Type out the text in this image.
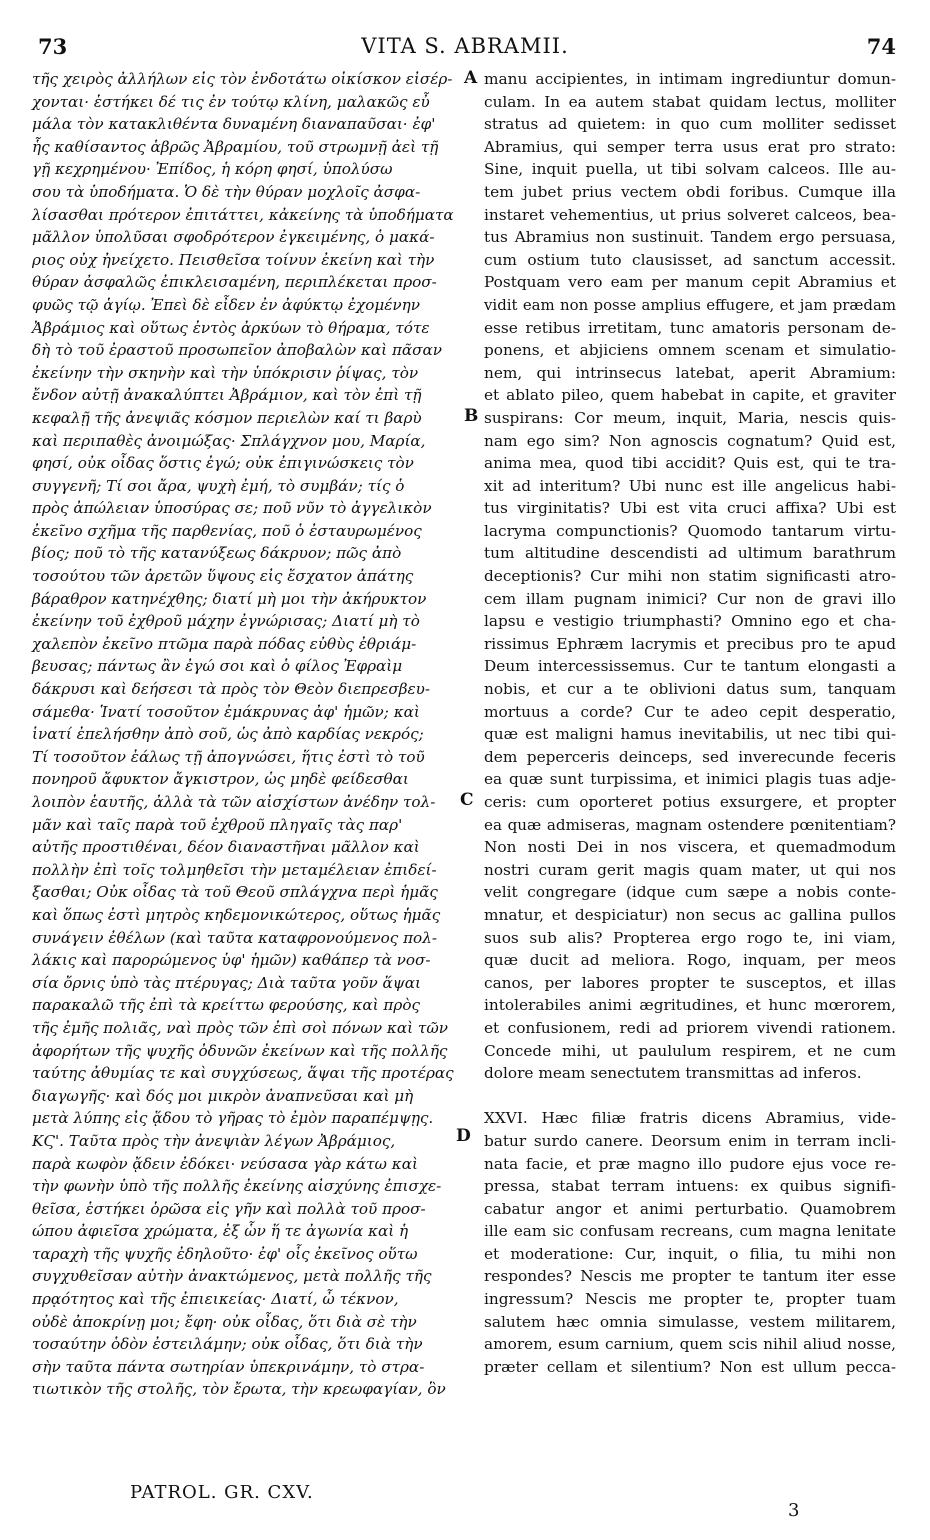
73	VITA S. ABRAMII.	74
τῆς χειρὸς ἀλλήλων εἰς τὸν ἐνδοτάτω οἰκίσκον εἰσέρ-
χονται· ἑστήκει δέ τις ἐν τούτῳ κλίνη, μαλακῶς εὖ
μάλα τὸν κατακλιθέντα δυναμένη διαναπαῦσαι· ἐφ'
ἧς καθίσαντος ἁβρῶς Ἀβραμίου, τοῦ στρωμνῇ ἀεὶ τῇ
γῇ κεχρημένου· Ἐπίδος, ἡ κόρη φησί, ὑπολύσω
σου τὰ ὑποδήματα. Ὁ δὲ τὴν θύραν μοχλοῖς ἀσφα-
λίσασθαι πρότερον ἐπιτάττει, κἀκείνης τὰ ὑποδήματα
μᾶλλον ὑπολῦσαι σφοδρότερον ἐγκειμένης, ὁ μακά-
ριος οὐχ ἠνείχετο. Πεισθεῖσα τοίνυν ἐκείνη καὶ τὴν
θύραν ἀσφαλῶς ἐπικλεισαμένη, περιπλέκεται προσ-
φυῶς τῷ ἁγίῳ. Ἐπεὶ δὲ εἶδεν ἐν ἀφύκτῳ ἐχομένην
Ἀβράμιος καὶ οὕτως ἐντὸς ἀρκύων τὸ θήραμα, τότε
δὴ τὸ τοῦ ἐραστοῦ προσωπεῖον ἀποβαλὼν καὶ πᾶσαν
ἐκείνην τὴν σκηνὴν καὶ τὴν ὑπόκρισιν ῥίψας, τὸν
ἔνδον αὐτῇ ἀνακαλύπτει Ἀβράμιον, καὶ τὸν ἐπὶ τῇ
κεφαλῇ τῆς ἀνεψιᾶς κόσμον περιελὼν καί τι βαρὺ
καὶ περιπαθὲς ἀνοιμώξας· Σπλάγχνον μου, Μαρία,
φησί, οὐκ οἶδας ὅστις ἐγώ; οὐκ ἐπιγινώσκεις τὸν
συγγενῆ; Τί σοι ἄρα, ψυχὴ ἐμή, τὸ συμβάν; τίς ὁ
πρὸς ἀπώλειαν ὑποσύρας σε; ποῦ νῦν τὸ ἀγγελικὸν
ἐκεῖνο σχῆμα τῆς παρθενίας, ποῦ ὁ ἐσταυρωμένος
βίος; ποῦ τὸ τῆς κατανύξεως δάκρυον; πῶς ἀπὸ
τοσούτου τῶν ἀρετῶν ὕψους εἰς ἔσχατον ἀπάτης
βάραθρον κατηνέχθης; διατί μὴ μοι τὴν ἀκήρυκτον
ἐκείνην τοῦ ἐχθροῦ μάχην ἐγνώρισας; Διατί μὴ τὸ
χαλεπὸν ἐκεῖνο πτῶμα παρὰ πόδας εὐθὺς ἐθριάμ-
βευσας; πάντως ἂν ἐγώ σοι καὶ ὁ φίλος Ἐφραὶμ
δάκρυσι καὶ δεήσεσι τὰ πρὸς τὸν Θεὸν διεπρεσβευ-
σάμεθα· Ἱνατί τοσοῦτον ἐμάκρυνας ἀφ' ἡμῶν; καὶ
ἱνατί ἐπελήσθην ἀπὸ σοῦ, ὡς ἀπὸ καρδίας νεκρός;
Τί τοσοῦτον ἑάλως τῇ ἀπογνώσει, ἥτις ἐστὶ τὸ τοῦ
πονηροῦ ἄφυκτον ἄγκιστρον, ὡς μηδὲ φείδεσθαι
λοιπὸν ἑαυτῆς, ἀλλὰ τὰ τῶν αἰσχίστων ἀνέδην τολ-
μᾶν καὶ ταῖς παρὰ τοῦ ἐχθροῦ πληγαῖς τὰς παρ'
αὐτῆς προστιθέναι, δέον διαναστῆναι μᾶλλον καὶ
πολλὴν ἐπὶ τοῖς τολμηθεῖσι τὴν μεταμέλειαν ἐπιδεί-
ξασθαι; Οὐκ οἶδας τὰ τοῦ Θεοῦ σπλάγχνα περὶ ἡμᾶς
καὶ ὅπως ἐστὶ μητρὸς κηδεμονικώτερος, οὕτως ἡμᾶς
συνάγειν ἐθέλων (καὶ ταῦτα καταφρονούμενος πολ-
λάκις καὶ παρορώμενος ὑφ' ἡμῶν) καθάπερ τὰ νοσ-
σία ὄρνις ὑπὸ τὰς πτέρυγας; Διὰ ταῦτα γοῦν ἅψαι
παρακαλῶ τῆς ἐπὶ τὰ κρείττω φερούσης, καὶ πρὸς
τῆς ἐμῆς πολιᾶς, ναὶ πρὸς τῶν ἐπὶ σοὶ πόνων καὶ τῶν
ἀφορήτων τῆς ψυχῆς ὀδυνῶν ἐκείνων καὶ τῆς πολλῆς
ταύτης ἀθυμίας τε καὶ συγχύσεως, ἅψαι τῆς προτέρας
διαγωγῆς· καὶ δός μοι μικρὸν ἀναπνεῦσαι καὶ μὴ
μετὰ λύπης εἰς ᾅδου τὸ γῆρας τὸ ἐμὸν παραπέμψῃς.
ΚϚ'. Ταῦτα πρὸς τὴν ἀνεψιὰν λέγων Ἀβράμιος,
παρὰ κωφὸν ᾄδειν ἐδόκει· νεύσασα γὰρ κάτω καὶ
τὴν φωνὴν ὑπὸ τῆς πολλῆς ἐκείνης αἰσχύνης ἐπισχε-
θεῖσα, ἑστήκει ὁρῶσα εἰς γῆν καὶ πολλὰ τοῦ προσ-
ώπου ἀφιεῖσα χρώματα, ἐξ ὧν ἥ τε ἀγωνία καὶ ἡ
ταραχὴ τῆς ψυχῆς ἐδηλοῦτο· ἐφ' οἷς ἐκεῖνος οὕτω
συγχυθεῖσαν αὐτὴν ἀνακτώμενος, μετὰ πολλῆς τῆς
πρᾳότητος καὶ τῆς ἐπιεικείας· Διατί, ὦ τέκνον,
οὐδὲ ἀποκρίνῃ μοι; ἔφη· οὐκ οἶδας, ὅτι διὰ σὲ τὴν
τοσαύτην ὁδὸν ἐστειλάμην; οὐκ οἶδας, ὅτι διὰ τὴν
σὴν ταῦτα πάντα σωτηρίαν ὑπεκρινάμην, τὸ στρα-
τιωτικὸν τῆς στολῆς, τὸν ἔρωτα, τὴν κρεωφαγίαν, ὃν
manu accipientes, in intimam ingrediuntur domun-
culam. In ea autem stabat quidam lectus, molliter
stratus ad quietem: in quo cum molliter sedisset
Abramius, qui semper terra usus erat pro strato:
Sine, inquit puella, ut tibi solvam calceos. Ille au-
tem jubet prius vectem obdi foribus. Cumque illa
instaret vehementius, ut prius solveret calceos, bea-
tus Abramius non sustinuit. Tandem ergo persuasa,
cum ostium tuto clausisset, ad sanctum accessit.
Postquam vero eam per manum cepit Abramius et
vidit eam non posse amplius effugere, et jam prædam
esse retibus irretitam, tunc amatoris personam de-
ponens, et abjiciens omnem scenam et simulatio-
nem, qui intrinsecus latebat, aperit Abramium:
et ablato pileo, quem habebat in capite, et graviter
suspirans: Cor meum, inquit, Maria, nescis quis-
nam ego sim? Non agnoscis cognatum? Quid est,
anima mea, quod tibi accidit? Quis est, qui te tra-
xit ad interitum? Ubi nunc est ille angelicus habi-
tus virginitatis? Ubi est vita cruci affixa? Ubi est
lacryma compunctionis? Quomodo tantarum virtu-
tum altitudine descendisti ad ultimum barathrum
deceptionis? Cur mihi non statim significasti atro-
cem illam pugnam inimici? Cur non de gravi illo
lapsu e vestigio triumphasti? Omnino ego et cha-
rissimus Ephræm lacrymis et precibus pro te apud
Deum intercessissemus. Cur te tantum elongasti a
nobis, et cur a te oblivioni datus sum, tanquam
mortuus a corde? Cur te adeo cepit desperatio,
quæ est maligni hamus inevitabilis, ut nec tibi qui-
dem peperceris deinceps, sed inverecunde feceris
ea quæ sunt turpissima, et inimici plagis tuas adje-
ceris: cum oporteret potius exsurgere, et propter
ea quæ admiseras, magnam ostendere pœnitentiam?
Non nosti Dei in nos viscera, et quemadmodum
nostri curam gerit magis quam mater, ut qui nos
velit congregare (idque cum sæpe a nobis conte-
mnatur, et despiciatur) non secus ac gallina pullos
suos sub alis? Propterea ergo rogo te, ini viam,
quæ ducit ad meliora. Rogo, inquam, per meos
canos, per labores propter te susceptos, et illas
intolerabiles animi ægritudines, et hunc mœrorem,
et confusionem, redi ad priorem vivendi rationem.
Concede mihi, ut paululum respirem, et ne cum
dolore meam senectutem transmittas ad inferos.
XXVI. Hæc filiæ fratris dicens Abramius, vide-
batur surdo canere. Deorsum enim in terram incli-
nata facie, et præ magno illo pudore ejus voce re-
pressa, stabat terram intuens: ex quibus signifi-
cabatur angor et animi perturbatio. Quamobrem
ille eam sic confusam recreans, cum magna lenitate
et moderatione: Cur, inquit, o filia, tu mihi non
respondes? Nescis me propter te tantum iter esse
ingressum? Nescis me propter te, propter tuam
salutem hæc omnia simulasse, vestem militarem,
amorem, esum carnium, quem scis nihil aliud nosse,
præter cellam et silentium? Non est ullum pecca-
A
B
C
D
PATROL. GR. CXV.
3
